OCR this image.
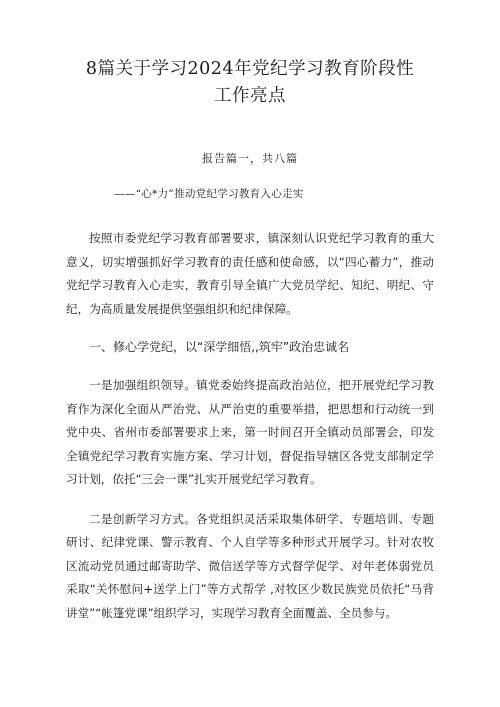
8篇关于学习2024年党纪学习教育阶段性
工作亮点
报告篇一，共八篇
——“心*力”推动党纪学习教育入心走实

按照市委党纪学习教育部署要求，镇深刻认识党纪学习教育的重大意义，切实增强抓好学习教育的责任感和使命感，以“四心蓄力”，推动党纪学习教育入心走实，教育引导全镇广大党员学纪、知纪、明纪、守纪，为高质量发展提供坚强组织和纪律保障。

一、修心学党纪，以“深学细悟,,筑牢”政治忠诚名

一是加强组织领导。镇党委始终提高政治站位，把开展党纪学习教育作为深化全面从严治党、从严治吏的重要举措，把思想和行动统一到党中央、省州市委部署要求上来，第一时间召开全镇动员部署会，印发全镇党纪学习教育实施方案、学习计划，督促指导辖区各党支部制定学习计划，依托“三会一课”扎实开展党纪学习教育。

二是创新学习方式。各党组织灵活采取集体研学、专题培训、专题研讨、纪律党课、警示教育、个人自学等多种形式开展学习。针对农牧区流动党员通过邮寄助学、微信送学等方式督学促学、对年老体弱党员采取“关怀慰问+送学上门”等方式帮学 ,对牧区少数民族党员依托“马背讲堂”“帐篷党课”组织学习，实现学习教育全面覆盖、全员参与。
